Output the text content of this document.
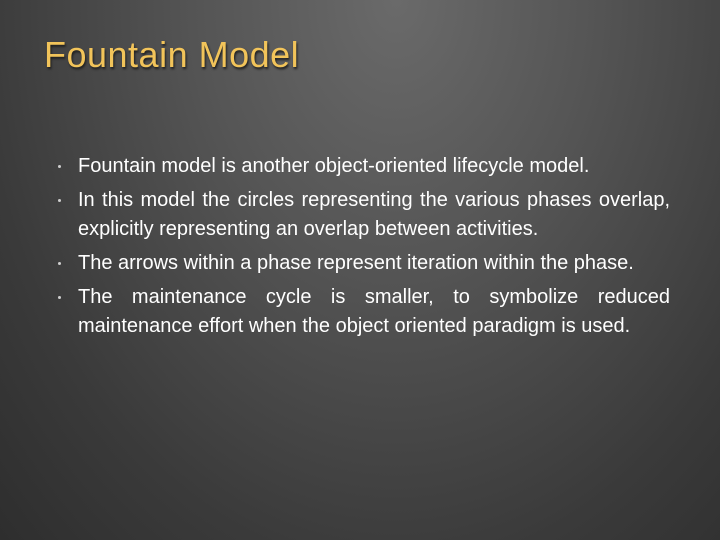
Fountain Model
Fountain model is another object-oriented lifecycle model.
In this model the circles representing the various phases overlap, explicitly representing an overlap between activities.
The arrows within a phase represent iteration within the phase.
The maintenance cycle is smaller, to symbolize reduced maintenance effort when the object oriented paradigm is used.
